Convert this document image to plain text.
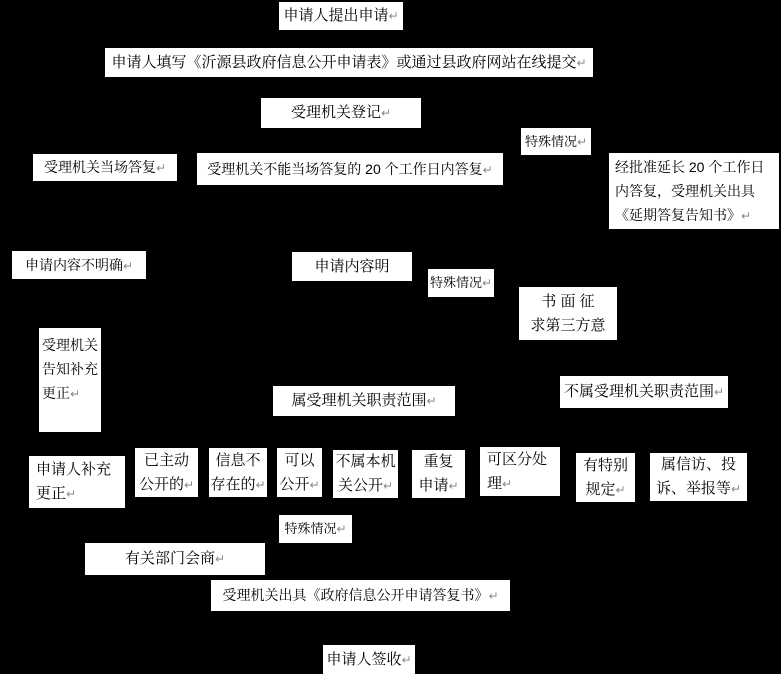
申请人提出申请↵
申请人填写《沂源县政府信息公开申请表》或通过县政府网站在线提交↵
受理机关登记↵
特殊情况↵
受理机关当场答复↵	受理机关不能当场答复的 20 个工作日内答复↵	经批准延长 20 个工作日
内答复，受理机关出具
《延期答复告知书》↵
申请内容不明确↵	申请内容明
特殊情况↵
书 面 征
求第三方意
受理机关
告知补充
更正↵	属受理机关职责范围↵
不属受理机关职责范围↵
申请人补充
更正↵
已主动
公开的↵
信息不
存在的↵
可以
公开↵
不属本机
关公开↵
重复
申请↵
可区分处
理↵
有特别
规定↵
属信访、投
诉、举报等↵
特殊情况↵
有关部门会商↵
受理机关出具《政府信息公开申请答复书》↵
申请人签收↵
